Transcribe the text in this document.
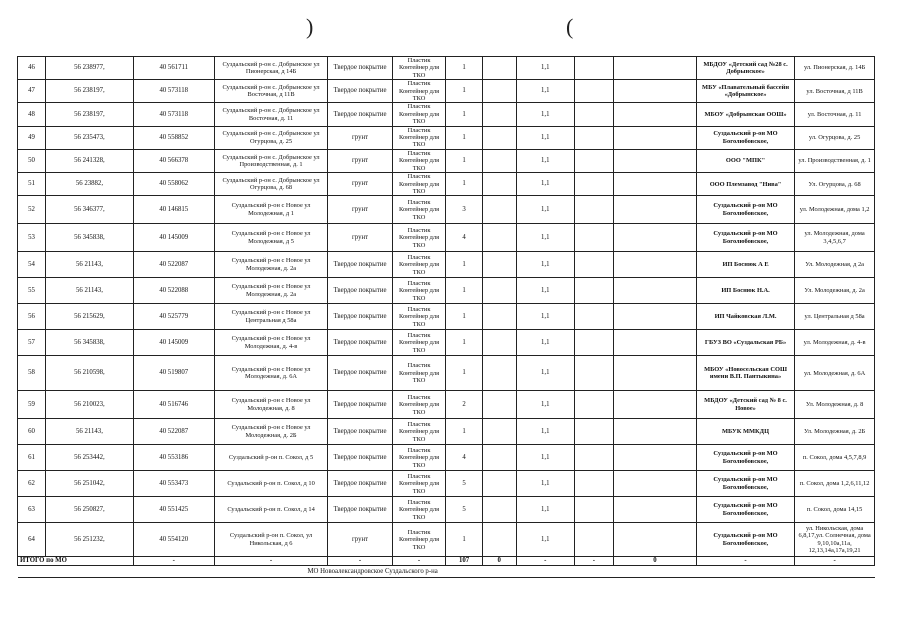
)	(
46	56 238977,	40 561711	Суздальский р-он с. Добрынское ул Пионерская, д 14Б	Твердое покрытие	Пластик Контейнер для ТКО	1		1,1			МБДОУ «Детский сад №28 с. Добрынское»	ул. Пионерская, д. 14Б
47	56 238197,	40 573118	Суздальский р-он с. Добрынское ул Восточная, д 11В	Твердое покрытие	Пластик Контейнер для ТКО	1		1,1			МБУ «Плавательный бассейн «Добрынское»	ул. Восточная, д 11В
48	56 238197,	40 573118	Суздальский р-он с. Добрынское ул Восточная, д. 11	Твердое покрытие	Пластик Контейнер для ТКО	1		1,1			МБОУ «Добрынская ООШ»	ул. Восточная, д. 11
49	56 235473,	40 558852	Суздальский р-он с. Добрынское ул Огурцова, д. 25	грунт	Пластик Контейнер для ТКО	1		1,1			Суздальский р-он МО Боголюбовское,	ул. Огурцова, д. 25
50	56 241328,	40 566378	Суздальский р-он с. Добрынское ул Производственная, д. 1	грунт	Пластик Контейнер для ТКО	1		1,1			ООО "МПК"	ул. Производственная, д. 1
51	56 23882,	40 558062	Суздальский р-он с. Добрынское ул Огурцова, д. 68	грунт	Пластик Контейнер для ТКО	1		1,1			ООО Племзавод "Нива"	Ул. Огурцова, д. 68
52	56 346377,	40 146815	Суздальский р-он с Новое ул Молодежная, д 1	грунт	Пластик Контейнер для ТКО	3		1,1			Суздальский р-он МО Боголюбовское,	ул. Молодежная, дома 1,2
53	56 345838,	40 145009	Суздальский р-он с Новое ул Молодежная, д 5	грунт	Пластик Контейнер для ТКО	4		1,1			Суздальский р-он МО Боголюбовское,	ул. Молодежная, дома 3,4,5,6,7
54	56 21143,	40 522087	Суздальский р-он с Новое ул Молодежная, д. 2а	Твердое покрытие	Пластик Контейнер для ТКО	1		1,1			ИП Боснюк А Е	Ул. Молодежная, д 2а
55	56 21143,	40 522088	Суздальский р-он с Новое ул Молодежная, д. 2а	Твердое покрытие	Пластик Контейнер для ТКО	1		1,1			ИП Боснюк Н.А.	Ул. Молодежная, д. 2а
56	56 215629,	40 525779	Суздальский р-он с Новое ул Центральная д 58а	Твердое покрытие	Пластик Контейнер для ТКО	1		1,1			ИП Чайковская Л.М.	ул. Центральная д 58а
57	56 345838,	40 145009	Суздальский р-он с Новое ул Молодежная, д. 4-в	Твердое покрытие	Пластик Контейнер для ТКО	1		1,1			ГБУЗ ВО «Суздальская РБ»	ул. Молодежная, д. 4-в
58	56 210598,	40 519807	Суздальский р-он с Новое ул Молодежная, д. 6А	Твердое покрытие	Пластик Контейнер для ТКО	1		1,1			МБОУ «Новосельская СОШ имени В.П. Пантыкина»	ул. Молодежная, д. 6А
59	56 210023,	40 516746	Суздальский р-он с Новое ул Молодежная, д. 8	Твердое покрытие	Пластик Контейнер для ТКО	2		1,1			МБДОУ «Детский сад № 8 с. Новое»	Ул. Молодежная, д. 8
60	56 21143,	40 522087	Суздальский р-он с Новое ул Молодежная, д. 2Б	Твердое покрытие	Пластик Контейнер для ТКО	1		1,1			МБУК ММКДЦ	Ул. Молодежная, д. 2Б
61	56 253442,	40 553186	Суздальский р-он п. Сокол, д 5	Твердое покрытие	Пластик Контейнер для ТКО	4		1,1			Суздальский р-он МО Боголюбовское,	п. Сокол, дома 4,5,7,8,9
62	56 251042,	40 553473	Суздальский р-он п. Сокол, д 10	Твердое покрытие	Пластик Контейнер для ТКО	5		1,1			Суздальский р-он МО Боголюбовское,	п. Сокол, дома 1,2,6,11,12
63	56 250827,	40 551425	Суздальский р-он п. Сокол, д 14	Твердое покрытие	Пластик Контейнер для ТКО	5		1,1			Суздальский р-он МО Боголюбовское,	п. Сокол, дома 14,15
64	56 251232,	40 554120	Суздальский р-он п. Сокол, ул Никольская, д 6	грунт	Пластик Контейнер для ТКО	1		1,1			Суздальский р-он МО Боголюбовское,	ул. Никольская, дома 6,8,17,ул. Солнечная, дома 9,10,10а,11а, 12,13,14а,17а,19,21
ИТОГО по МО		-	-	-	-	107	0	-	-	0	-	-
МО Новоалександровское Суздальского р-на												
